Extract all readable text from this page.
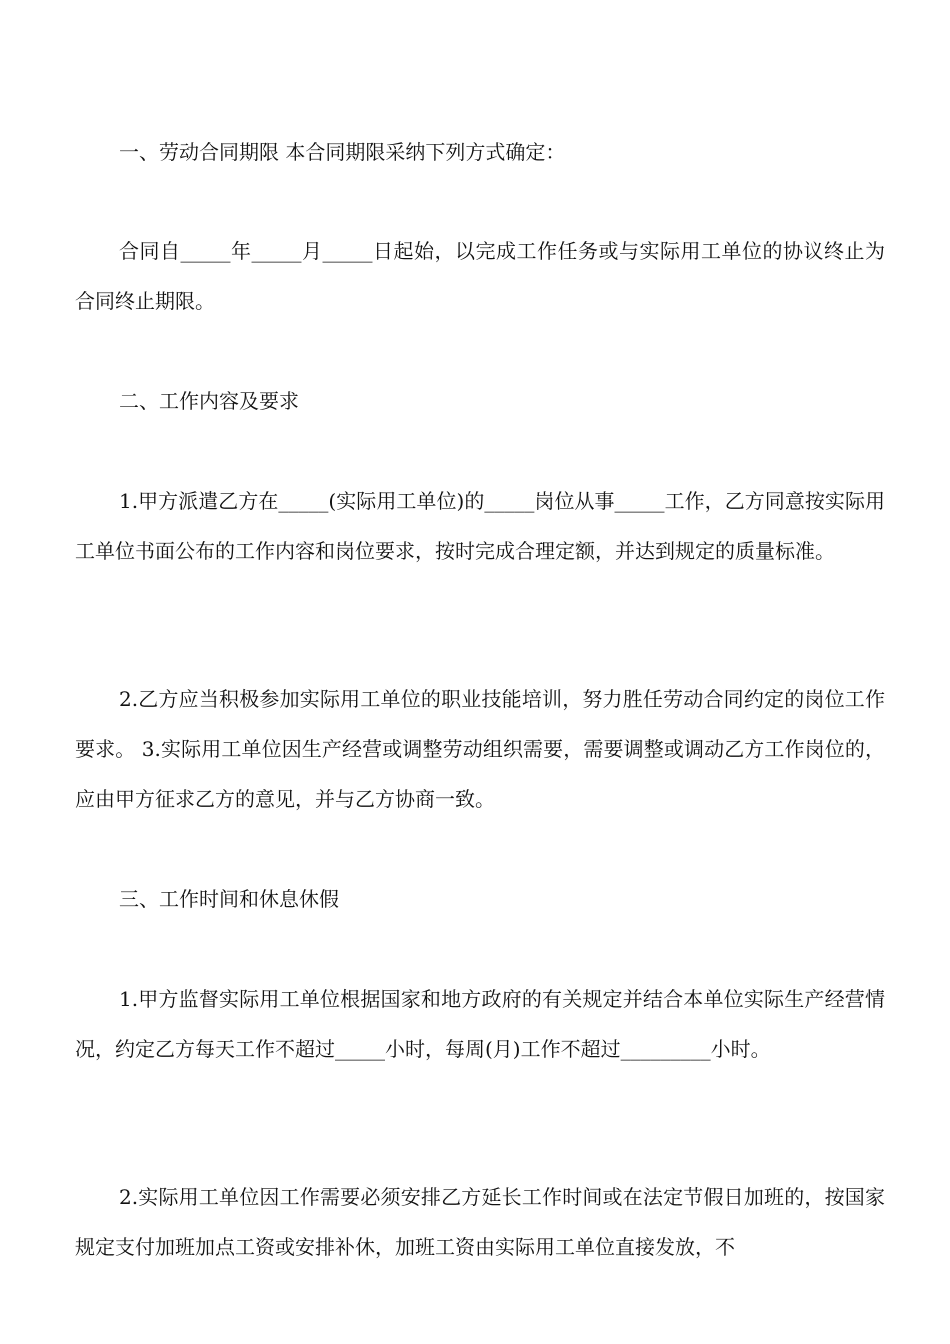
一、劳动合同期限 本合同期限采纳下列方式确定：

合同自_____年_____月_____日起始，以完成工作任务或与实际用工单位的协议终止为合同终止期限。

二、工作内容及要求

1.甲方派遣乙方在_____(实际用工单位)的_____岗位从事_____工作，乙方同意按实际用工单位书面公布的工作内容和岗位要求，按时完成合理定额，并达到规定的质量标准。

2.乙方应当积极参加实际用工单位的职业技能培训，努力胜任劳动合同约定的岗位工作要求。 3.实际用工单位因生产经营或调整劳动组织需要，需要调整或调动乙方工作岗位的，应由甲方征求乙方的意见，并与乙方协商一致。

三、工作时间和休息休假

1.甲方监督实际用工单位根据国家和地方政府的有关规定并结合本单位实际生产经营情况，约定乙方每天工作不超过_____小时，每周(月)工作不超过_________小时。

2.实际用工单位因工作需要必须安排乙方延长工作时间或在法定节假日加班的，按国家规定支付加班加点工资或安排补休，加班工资由实际用工单位直接发放，不
